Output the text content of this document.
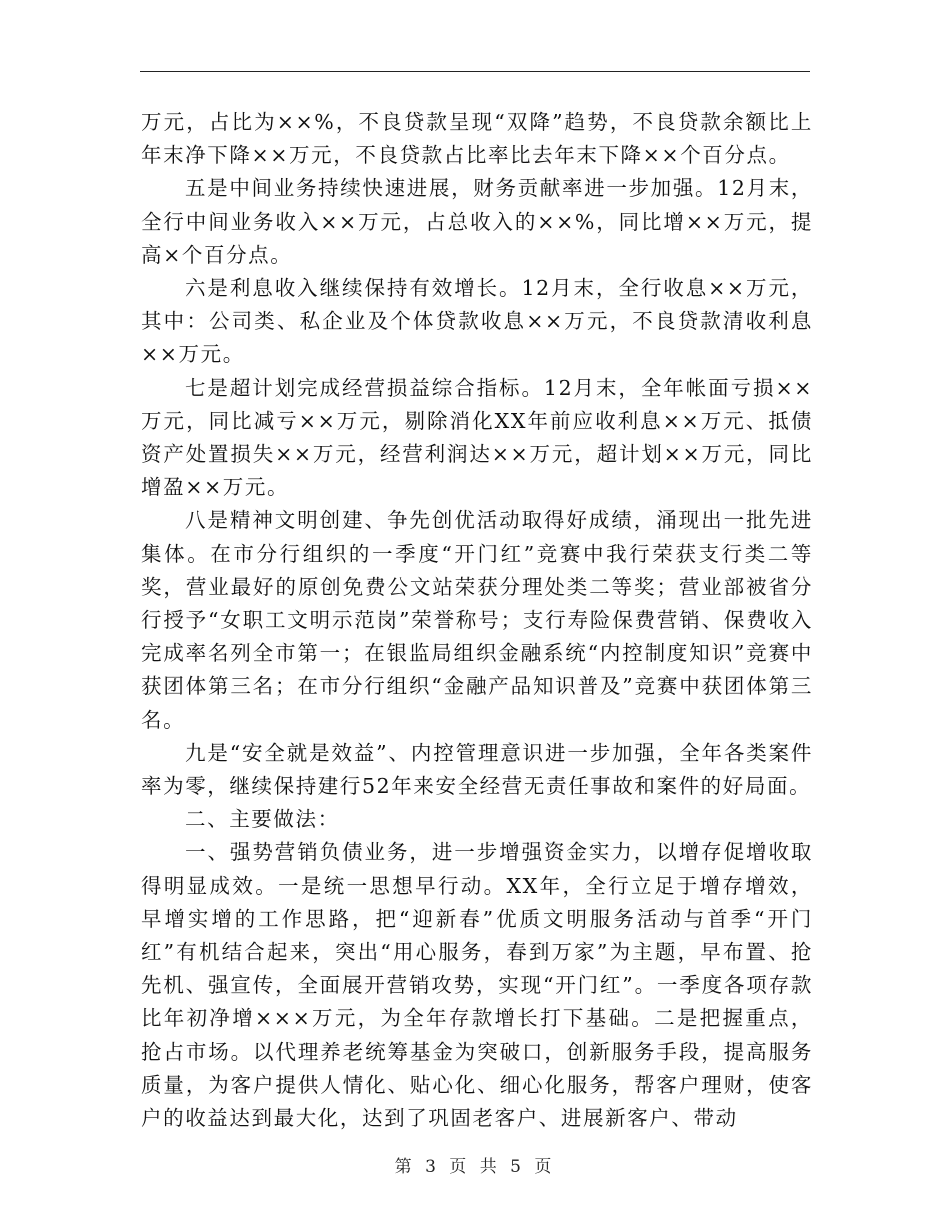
万元，占比为××%，不良贷款呈现“双降”趋势，不良贷款余额比上年末净下降××万元，不良贷款占比率比去年末下降××个百分点。

五是中间业务持续快速进展，财务贡献率进一步加强。12月末，全行中间业务收入××万元，占总收入的××%，同比增××万元，提高×个百分点。

六是利息收入继续保持有效增长。12月末，全行收息××万元，其中：公司类、私企业及个体贷款收息××万元，不良贷款清收利息××万元。

七是超计划完成经营损益综合指标。12月末，全年帐面亏损××万元，同比减亏××万元，剔除消化XX年前应收利息××万元、抵债资产处置损失××万元，经营利润达××万元，超计划××万元，同比增盈××万元。

八是精神文明创建、争先创优活动取得好成绩，涌现出一批先进集体。在市分行组织的一季度“开门红”竞赛中我行荣获支行类二等奖，营业最好的原创免费公文站荣获分理处类二等奖；营业部被省分行授予“女职工文明示范岗”荣誉称号；支行寿险保费营销、保费收入完成率名列全市第一；在银监局组织金融系统“内控制度知识”竞赛中获团体第三名；在市分行组织“金融产品知识普及”竞赛中获团体第三名。

九是“安全就是效益”、内控管理意识进一步加强，全年各类案件率为零，继续保持建行52年来安全经营无责任事故和案件的好局面。

二、主要做法：

一、强势营销负债业务，进一步增强资金实力，以增存促增收取得明显成效。一是统一思想早行动。XX年，全行立足于增存增效，早增实增的工作思路，把“迎新春”优质文明服务活动与首季“开门红”有机结合起来，突出“用心服务，春到万家”为主题，早布置、抢先机、强宣传，全面展开营销攻势，实现“开门红”。一季度各项存款比年初净增×××万元，为全年存款增长打下基础。二是把握重点，抢占市场。以代理养老统筹基金为突破口，创新服务手段，提高服务质量，为客户提供人情化、贴心化、细心化服务，帮客户理财，使客户的收益达到最大化，达到了巩固老客户、进展新客户、带动

第 3 页 共 5 页
